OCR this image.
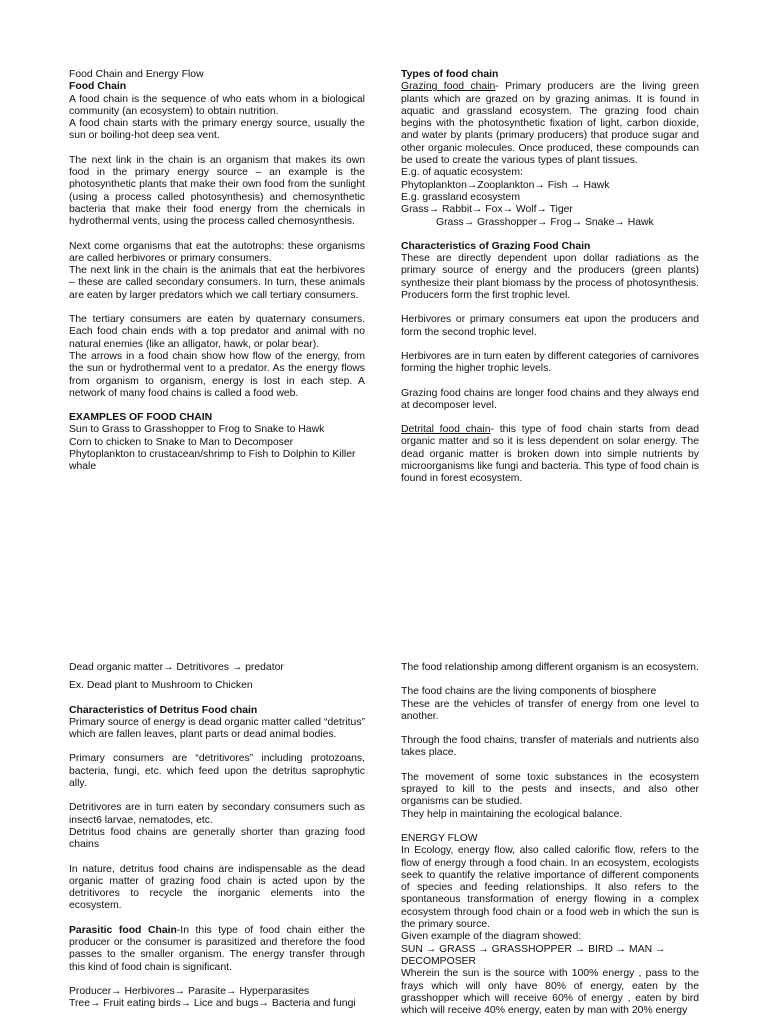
Food Chain and Energy Flow

Food Chain

A food chain is the sequence of who eats whom in a biological community (an ecosystem) to obtain nutrition.

A food chain starts with the primary energy source, usually the sun or boiling-hot deep sea vent.

The next link in the chain is an organism that makes its own food in the primary energy source – an example is the photosynthetic plants that make their own food from the sunlight (using a process called photosynthesis) and chemosynthetic bacteria that make their food energy from the chemicals in hydrothermal vents, using the process called chemosynthesis.

Next come organisms that eat the autotrophs: these organisms are called herbivores or primary consumers.

The next link in the chain is the animals that eat the herbivores – these are called secondary consumers. In turn, these animals are eaten by larger predators which we call tertiary consumers.

The tertiary consumers are eaten by quaternary consumers. Each food chain ends with a top predator and animal with no natural enemies (like an alligator, hawk, or polar bear).

The arrows in a food chain show how flow of the energy, from the sun or hydrothermal vent to a predator. As the energy flows from organism to organism, energy is lost in each step. A network of many food chains is called a food web.

EXAMPLES OF FOOD CHAIN

Sun to Grass to Grasshopper to Frog to Snake to Hawk

Corn to chicken to Snake to Man to Decomposer

Phytoplankton to crustacean/shrimp to Fish to Dolphin to Killer whale

Types of food chain

Grazing food chain- Primary producers are the living green plants which are grazed on by grazing animas. It is found in aquatic and grassland ecosystem. The grazing food chain begins with the photosynthetic fixation of light, carbon dioxide, and water by plants (primary producers) that produce sugar and other organic molecules. Once produced, these compounds can be used to create the various types of plant tissues.

E.g. of aquatic ecosystem:

Phytoplankton→Zooplankton→ Fish → Hawk

E.g. grassland ecosystem

Grass→ Rabbit→ Fox→ Wolf→ Tiger

Grass→ Grasshopper→ Frog→ Snake→ Hawk

Characteristics of Grazing Food Chain

These are directly dependent upon dollar radiations as the primary source of energy and the producers (green plants) synthesize their plant biomass by the process of photosynthesis. Producers form the first trophic level.

Herbivores or primary consumers eat upon the producers and form the second trophic level.

Herbivores are in turn eaten by different categories of carnivores forming the higher trophic levels.

Grazing food chains are longer food chains and they always end at decomposer level.

Detrital food chain- this type of food chain starts from dead organic matter and so it is less dependent on solar energy. The dead organic matter is broken down into simple nutrients by microorganisms like fungi and bacteria. This type of food chain is found in forest ecosystem.

Dead organic matter→ Detritivores → predator

Ex. Dead plant to Mushroom to Chicken

Characteristics of Detritus Food chain

Primary source of energy is dead organic matter called “detritus” which are fallen leaves, plant parts or dead animal bodies.

Primary consumers are “detritivores” including protozoans, bacteria, fungi, etc. which feed upon the detritus saprophytic ally.

Detritivores are in turn eaten by secondary consumers such as insect6 larvae, nematodes, etc.

Detritus food chains are generally shorter than grazing food chains

In nature, detritus food chains are indispensable as the dead organic matter of grazing food chain is acted upon by the detritivores to recycle the inorganic elements into the ecosystem.

Parasitic food Chain-In this type of food chain either the producer or the consumer is parasitized and therefore the food passes to the smaller organism. The energy transfer through this kind of food chain is significant.

Producer→ Herbivores→ Parasite→ Hyperparasites

Tree→ Fruit eating birds→ Lice and bugs→ Bacteria and fungi

The food relationship among different organism is an ecosystem.

The food chains are the living components of biosphere

These are the vehicles of transfer of energy from one level to another.

Through the food chains, transfer of materials and nutrients also takes place.

The movement of some toxic substances in the ecosystem sprayed to kill to the pests and insects, and also other organisms can be studied.

They help in maintaining the ecological balance.

ENERGY FLOW

In Ecology, energy flow, also called calorific flow, refers to the flow of energy through a food chain. In an ecosystem, ecologists seek to quantify the relative importance of different components of species and feeding relationships. It also refers to the spontaneous transformation of energy flowing in a complex ecosystem through food chain or a food web in which the sun is the primary source.

Given example of the diagram showed:

SUN → GRASS → GRASSHOPPER → BIRD → MAN → DECOMPOSER

Wherein the sun is the source with 100% energy , pass to the frays which will only have 80% of energy, eaten by the grasshopper which will receive 60% of energy , eaten by bird which will receive 40% energy, eaten by man with 20% energy
